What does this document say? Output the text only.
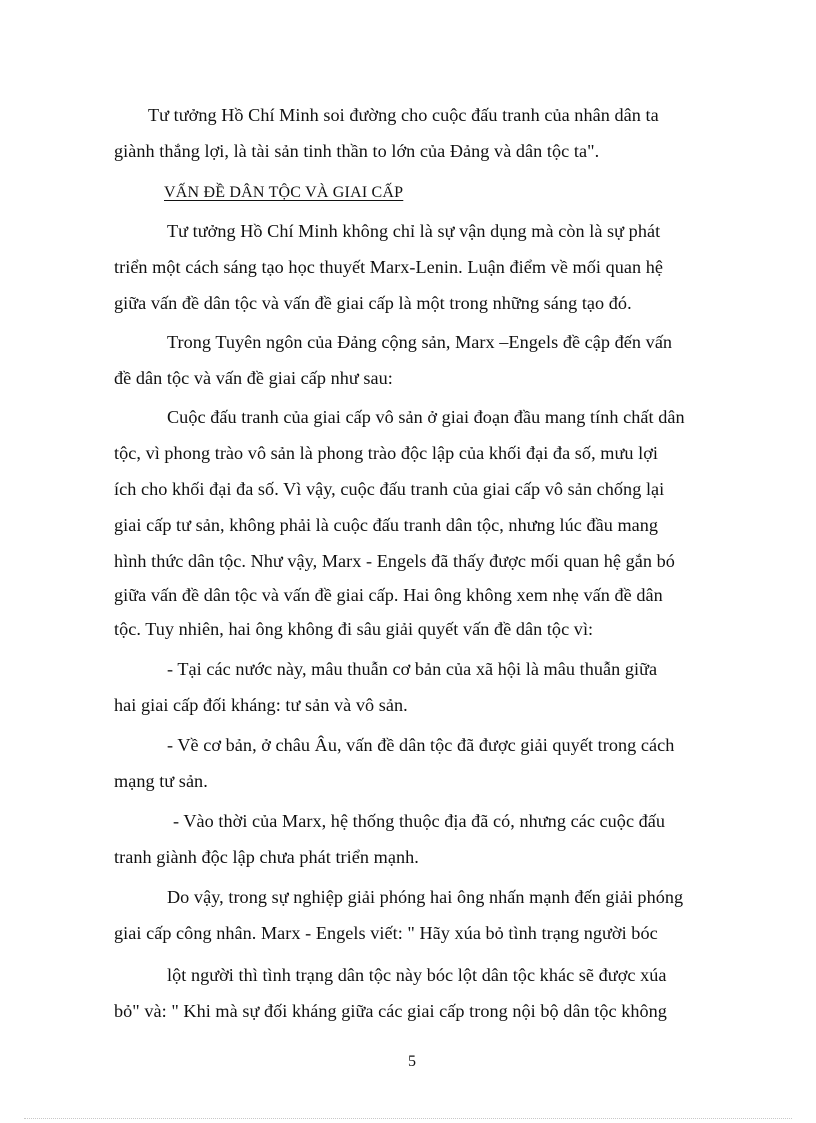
Tư tưởng Hồ Chí Minh soi đường cho cuộc đấu tranh của nhân dân ta
giành thắng lợi, là tài sản tinh thần to lớn của Đảng và dân tộc ta".
VẤN ĐỀ DÂN TỘC VÀ GIAI CẤP
Tư tưởng Hồ Chí Minh không chỉ là sự vận dụng mà còn là sự phát
triển một cách sáng tạo học thuyết Marx-Lenin. Luận điểm về mối quan hệ
giữa vấn đề dân tộc và vấn đề giai cấp là một trong những sáng tạo đó.
Trong Tuyên ngôn của Đảng cộng sản, Marx –Engels đề cập đến vấn
đề dân tộc và vấn đề giai cấp như sau:
Cuộc đấu tranh của giai cấp vô sản ở giai đoạn đầu mang tính chất dân
tộc, vì phong trào vô sản là phong trào độc lập của khối đại đa số, mưu lợi
ích cho khối đại đa số. Vì vậy, cuộc đấu tranh của giai cấp vô sản chống lại
giai cấp tư sản, không phải là cuộc đấu tranh dân tộc, nhưng lúc đầu mang
hình thức dân tộc. Như vậy, Marx - Engels đã thấy được mối quan hệ gắn bó
giữa vấn đề dân tộc và vấn đề giai cấp. Hai ông không xem nhẹ vấn đề dân
tộc. Tuy nhiên, hai ông không đi sâu giải quyết vấn đề dân tộc vì:
- Tại các nước này, mâu thuẫn cơ bản của xã hội là mâu thuẫn giữa
hai giai cấp đối kháng: tư sản và vô sản.
- Về cơ bản, ở châu Âu, vấn đề dân tộc đã được giải quyết trong cách
mạng tư sản.
- Vào thời của Marx, hệ thống thuộc địa đã có, nhưng các cuộc đấu
tranh giành độc lập chưa phát triển mạnh.
Do vậy, trong sự nghiệp giải phóng hai ông nhấn mạnh đến giải phóng
giai cấp công nhân. Marx - Engels viết: " Hãy xúa bỏ tình trạng người bóc
lột người thì tình trạng dân tộc này bóc lột dân tộc khác sẽ được xúa
bỏ" và: " Khi mà sự đối kháng giữa các giai cấp trong nội bộ dân tộc không
5
